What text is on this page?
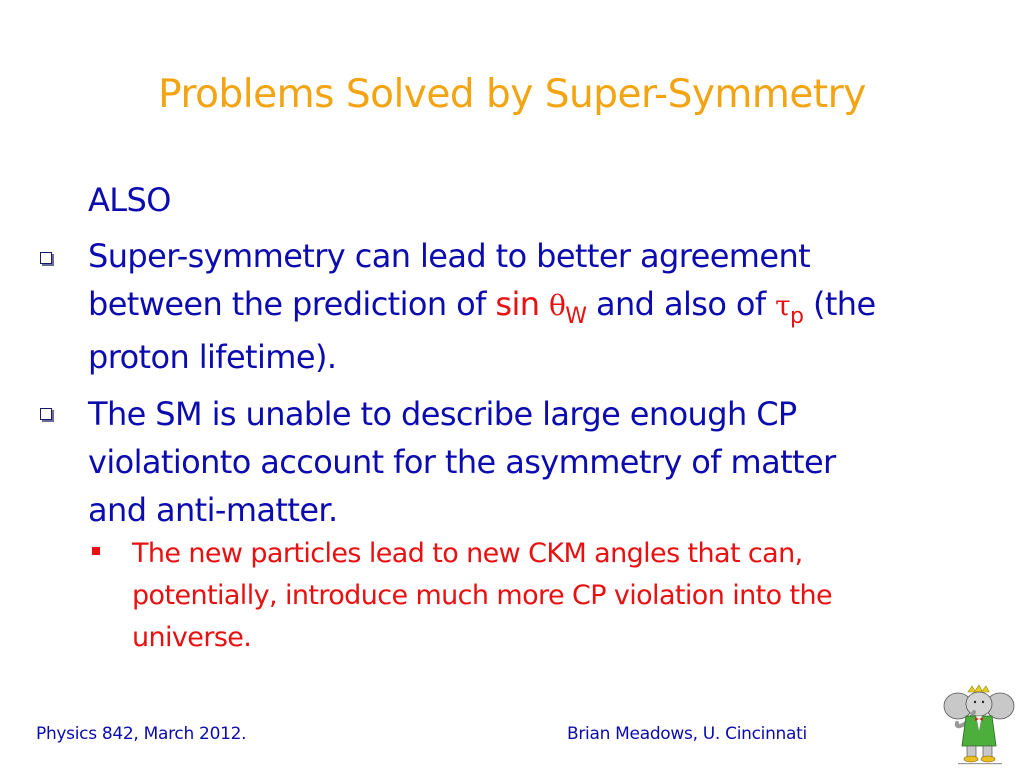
Problems Solved by Super-Symmetry
ALSO
Super-symmetry can lead to better agreement
between the prediction of $\sin \theta_W$ and also of $\tau_p$ (the
proton lifetime).
The SM is unable to describe large enough CP
violationto account for the asymmetry of matter
and anti-matter.
The new particles lead to new CKM angles that can,
potentially, introduce much more CP violation into the
universe.
Physics 842, March 2012.	Brian Meadows, U. Cincinnati
